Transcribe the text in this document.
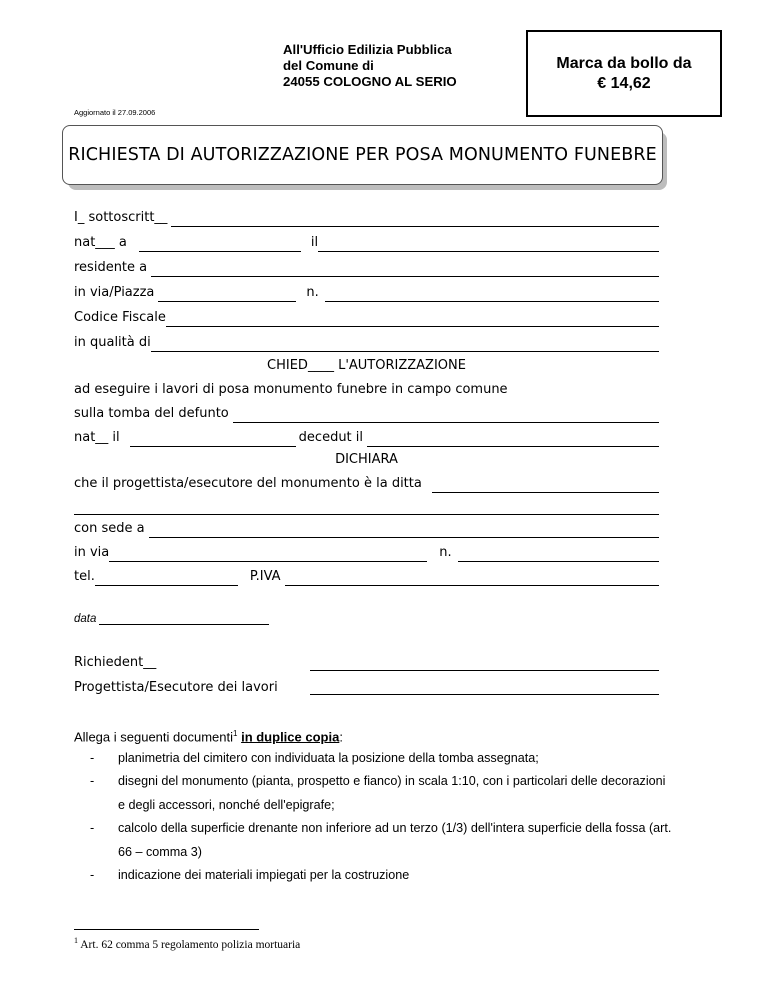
All'Ufficio Edilizia Pubblica
del Comune di
24055 COLOGNO AL SERIO
Marca da bollo da
€ 14,62
Aggiornato il 27.09.2006
RICHIESTA DI AUTORIZZAZIONE PER POSA MONUMENTO FUNEBRE
I_ sottoscritt__
nat___ a	il
residente a
in via/Piazza	n.
Codice Fiscale
in qualità di
CHIED____ L'AUTORIZZAZIONE
ad eseguire i lavori di posa monumento funebre in campo comune
sulla tomba del defunto
nat__ il	decedut il
DICHIARA
che il progettista/esecutore del monumento è la ditta
con sede a
in via	n.
tel.	P.IVA
data
Richiedent__
Progettista/Esecutore dei lavori
Allega i seguenti documenti$^1$ in duplice copia:
- planimetria del cimitero con individuata la posizione della tomba assegnata;
- disegni del monumento (pianta, prospetto e fianco) in scala 1:10, con i particolari delle decorazioni
e degli accessori, nonché dell'epigrafe;
- calcolo della superficie drenante non inferiore ad un terzo (1/3) dell'intera superficie della fossa (art.
66 – comma 3)
- indicazione dei materiali impiegati per la costruzione
$^1$ Art. 62 comma 5 regolamento polizia mortuaria
